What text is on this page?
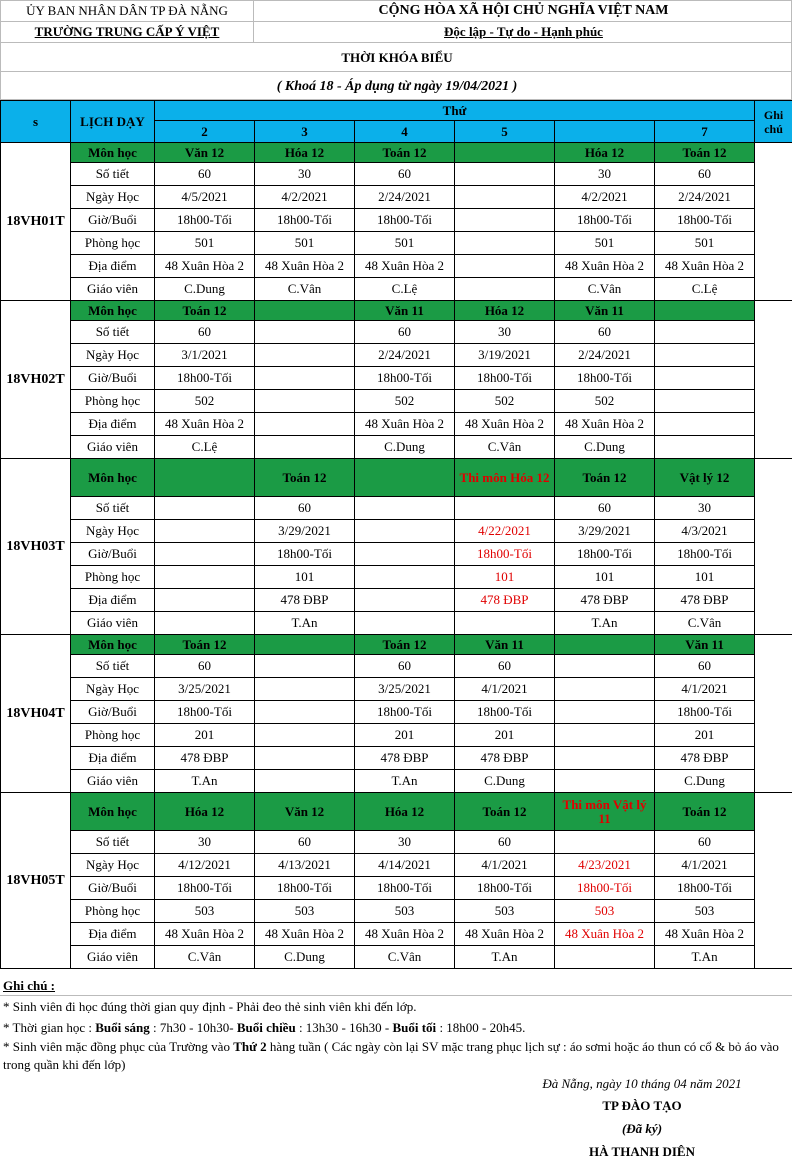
ỦY BAN NHÂN DÂN TP ĐÀ NẴNG
TRƯỜNG TRUNG CẤP Ý VIỆT
CỘNG HÒA XÃ HỘI CHỦ NGHĨA VIỆT NAM
Độc lập - Tự do - Hạnh phúc
THỜI KHÓA BIỂU
( Khoá 18 - Áp dụng từ ngày 19/04/2021 )
s	LỊCH DẠY	Thứ						Ghi chú
		2	3	4	5		7	
18VH01T	Môn học	Văn 12	Hóa 12	Toán 12		Hóa 12	Toán 12	
	Số tiết	60	30	60		30	60	
	Ngày Học	4/5/2021	4/2/2021	2/24/2021		4/2/2021	2/24/2021	
	Giờ/Buổi	18h00-Tối	18h00-Tối	18h00-Tối		18h00-Tối	18h00-Tối	
	Phòng học	501	501	501		501	501	
	Địa điểm	48 Xuân Hòa 2	48 Xuân Hòa 2	48 Xuân Hòa 2		48 Xuân Hòa 2	48 Xuân Hòa 2	
	Giáo viên	C.Dung	C.Vân	C.Lệ		C.Vân	C.Lệ	
18VH02T	Môn học	Toán 12		Văn 11	Hóa 12	Văn 11		
	Số tiết	60		60	30	60		
	Ngày Học	3/1/2021		2/24/2021	3/19/2021	2/24/2021		
	Giờ/Buổi	18h00-Tối		18h00-Tối	18h00-Tối	18h00-Tối		
	Phòng học	502		502	502	502		
	Địa điểm	48 Xuân Hòa 2		48 Xuân Hòa 2	48 Xuân Hòa 2	48 Xuân Hòa 2		
	Giáo viên	C.Lệ		C.Dung	C.Vân	C.Dung		
18VH03T	Môn học		Toán 12		Thi môn Hóa 12	Toán 12	Vật lý 12	
	Số tiết		60			60	30	
	Ngày Học		3/29/2021		4/22/2021	3/29/2021	4/3/2021	
	Giờ/Buổi		18h00-Tối		18h00-Tối	18h00-Tối	18h00-Tối	
	Phòng học		101		101	101	101	
	Địa điểm		478 ĐBP		478 ĐBP	478 ĐBP	478 ĐBP	
	Giáo viên		T.An			T.An	C.Vân	
18VH04T	Môn học	Toán 12		Toán 12	Văn 11		Văn 11	
	Số tiết	60		60	60		60	
	Ngày Học	3/25/2021		3/25/2021	4/1/2021		4/1/2021	
	Giờ/Buổi	18h00-Tối		18h00-Tối	18h00-Tối		18h00-Tối	
	Phòng học	201		201	201		201	
	Địa điểm	478 ĐBP		478 ĐBP	478 ĐBP		478 ĐBP	
	Giáo viên	T.An		T.An	C.Dung		C.Dung	
18VH05T	Môn học	Hóa 12	Văn 12	Hóa 12	Toán 12	Thi môn Vật lý 11	Toán 12	
	Số tiết	30	60	30	60		60	
	Ngày Học	4/12/2021	4/13/2021	4/14/2021	4/1/2021	4/23/2021	4/1/2021	
	Giờ/Buổi	18h00-Tối	18h00-Tối	18h00-Tối	18h00-Tối	18h00-Tối	18h00-Tối	
	Phòng học	503	503	503	503	503	503	
	Địa điểm	48 Xuân Hòa 2	48 Xuân Hòa 2	48 Xuân Hòa 2	48 Xuân Hòa 2	48 Xuân Hòa 2	48 Xuân Hòa 2	
	Giáo viên	C.Vân	C.Dung	C.Vân	T.An		T.An	
Ghi chú :
* Sinh viên đi học đúng thời gian quy định - Phải đeo thẻ sinh viên khi đến lớp.
* Thời gian học : Buổi sáng : 7h30 - 10h30- Buổi chiều : 13h30 - 16h30 - Buổi tối : 18h00 - 20h45.
* Sinh viên mặc đồng phục của Trường vào Thứ 2 hàng tuần ( Các ngày còn lại SV mặc trang phục lịch sự : áo sơmi hoặc áo thun có cổ & bỏ áo vào trong quần khi đến lớp)
Đà Nẵng, ngày 10 tháng 04 năm 2021
TP ĐÀO TẠO
(Đã ký)
HÀ THANH DIÊN
